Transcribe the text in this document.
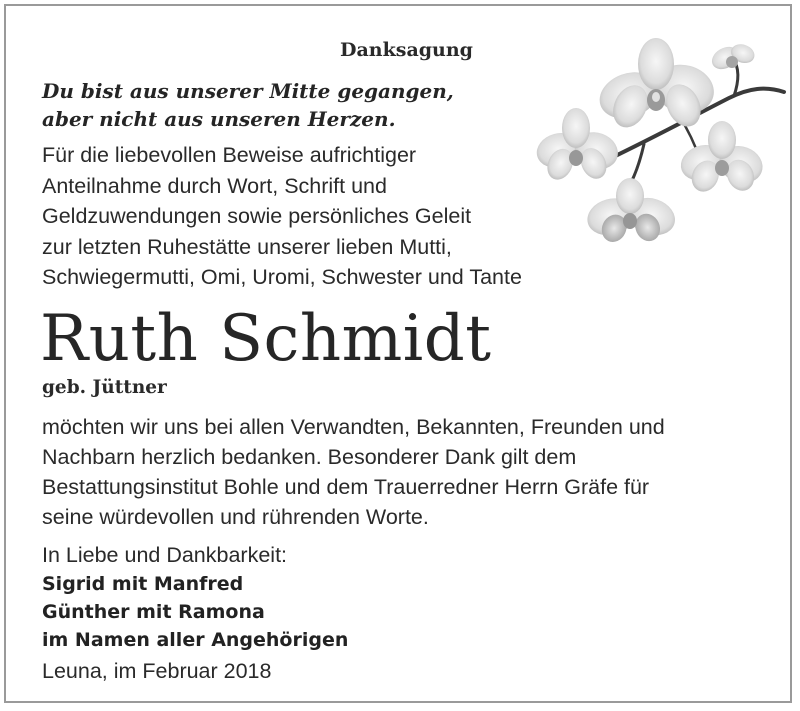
Danksagung
Du bist aus unserer Mitte gegangen,
aber nicht aus unseren Herzen.
Für die liebevollen Beweise aufrichtiger
Anteilnahme durch Wort, Schrift und
Geldzuwendungen sowie persönliches Geleit
zur letzten Ruhestätte unserer lieben Mutti,
Schwiegermutti, Omi, Uromi, Schwester und Tante
Ruth Schmidt
geb. Jüttner
möchten wir uns bei allen Verwandten, Bekannten, Freunden und
Nachbarn herzlich bedanken. Besonderer Dank gilt dem
Bestattungsinstitut Bohle und dem Trauerredner Herrn Gräfe für
seine würdevollen und rührenden Worte.
In Liebe und Dankbarkeit:
Sigrid mit Manfred
Günther mit Ramona
im Namen aller Angehörigen
Leuna, im Februar 2018
